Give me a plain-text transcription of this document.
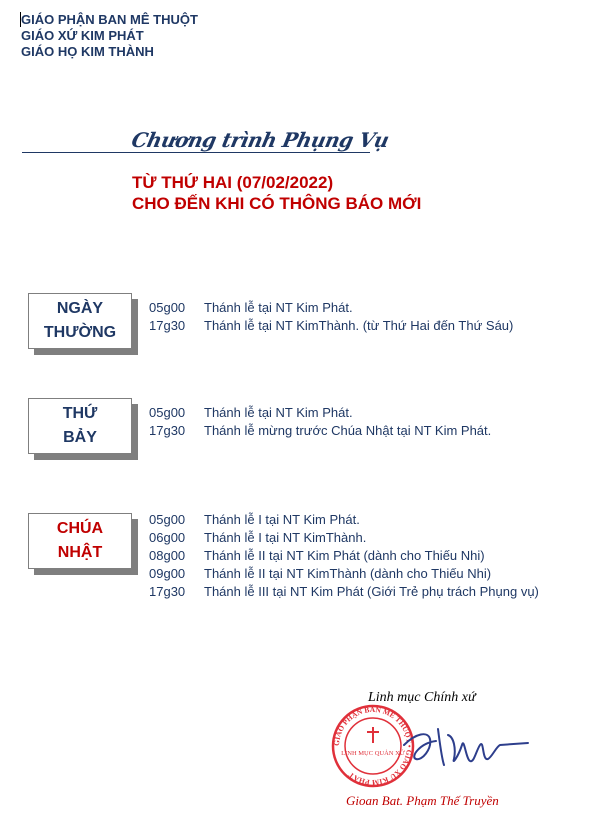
GIÁO PHẬN BAN MÊ THUỘT
GIÁO XỨ KIM PHÁT
GIÁO HỌ KIM THÀNH
Chương trình Phụng Vụ
TỪ THỨ HAI (07/02/2022)
CHO ĐẾN KHI CÓ THÔNG BÁO MỚI
NGÀY
THƯỜNG
05g00	Thánh lễ tại NT Kim Phát.
17g30	Thánh lễ tại NT KimThành. (từ Thứ Hai đến Thứ Sáu)
THỨ
BẢY
05g00	Thánh lễ tại NT Kim Phát.
17g30	Thánh lễ mừng trước Chúa Nhật tại NT Kim Phát.
CHÚA
NHẬT
05g00	Thánh lễ I tại NT Kim Phát.
06g00	Thánh lễ I tại NT KimThành.
08g00	Thánh lễ II tại NT Kim Phát (dành cho Thiếu Nhi)
09g00	Thánh lễ II tại NT KimThành (dành cho Thiếu Nhi)
17g30	Thánh lễ III tại NT Kim Phát (Giới Trẻ phụ trách Phụng vụ)
Linh mục Chính xứ
GIÁO PHẬN BAN MÊ THUỘT • GIÁO XỨ KIM PHÁT
LINH MỤC QUẢN XỨ
Gioan Bat. Phạm Thế Truyền
